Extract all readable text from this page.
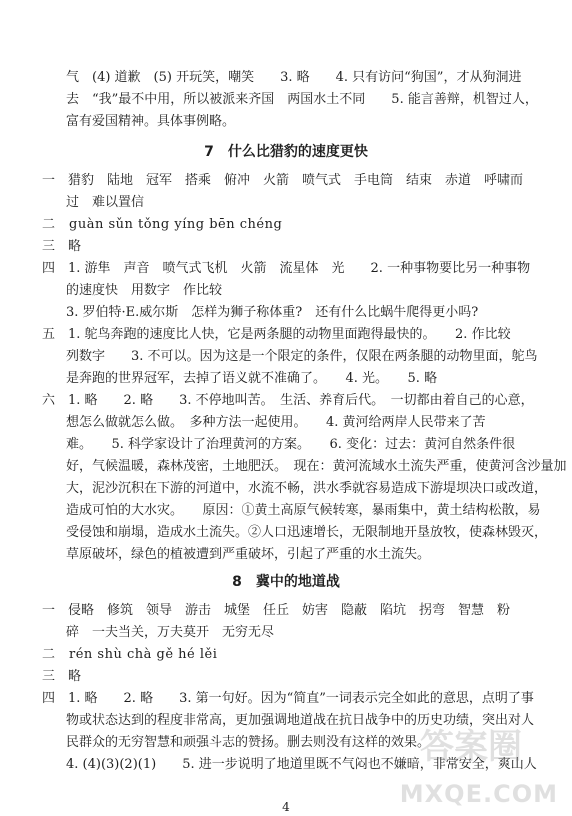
气　(4) 道歉　(5) 开玩笑，嘲笑　　3. 略　　4. 只有访问“狗国”，才从狗洞进
去　“我”最不中用，所以被派来齐国　两国水土不同　　5. 能言善辩，机智过人，
富有爱国精神。具体事例略。
7　什么比猎豹的速度更快
一　猎豹　陆地　冠军　搭乘　俯冲　火箭　喷气式　手电筒　结束　赤道　呼啸而
过　难以置信
二　guàn sǔn tǒng yíng bēn chéng
三　略
四　1. 游隼　声音　喷气式飞机　火箭　流星体　光　　2. 一种事物要比另一种事物
的速度快　用数字　作比较
3. 罗伯特·E.威尔斯　怎样为狮子称体重?　还有什么比蜗牛爬得更小吗?
五　1. 鸵鸟奔跑的速度比人快，它是两条腿的动物里面跑得最快的。　　2. 作比较
列数字　　3. 不可以。因为这是一个限定的条件，仅限在两条腿的动物里面，鸵鸟
是奔跑的世界冠军，去掉了语义就不准确了。　　4. 光。　　5. 略
六　1. 略　　2. 略　　3. 不停地叫苦。　生活、养育后代。　一切都由着自己的心意，
想怎么做就怎么做。　多种方法一起使用。　　4. 黄河给两岸人民带来了苦
难。　　5. 科学家设计了治理黄河的方案。　　6. 变化：过去：黄河自然条件很
好，气候温暖，森林茂密，土地肥沃。　现在：黄河流域水土流失严重，使黄河含沙量加
大，泥沙沉积在下游的河道中，水流不畅，洪水季就容易造成下游堤坝决口或改道，
造成可怕的大水灾。　　原因：①黄土高原气候转寒，暴雨集中，黄土结构松散，易
受侵蚀和崩塌，造成水土流失。②人口迅速增长，无限制地开垦放牧，使森林毁灭，
草原破坏，绿色的植被遭到严重破坏，引起了严重的水土流失。
8　冀中的地道战
一　侵略　修筑　领导　游击　城堡　任丘　妨害　隐蔽　陷坑　拐弯　智慧　粉
碎　一夫当关，万夫莫开　无穷无尽
二　rén shù chà gě hé lěi
三　略
四　1. 略　　2. 略　　3. 第一句好。因为“简直”一词表示完全如此的意思，点明了事
物或状态达到的程度非常高，更加强调地道战在抗日战争中的历史功绩，突出对人
民群众的无穷智慧和顽强斗志的赞扬。删去则没有这样的效果。
4. (4)(3)(2)(1)　　5. 进一步说明了地道里既不气闷也不嫌暗，非常安全，爽山人
4
答案圈
MXQE.COM
